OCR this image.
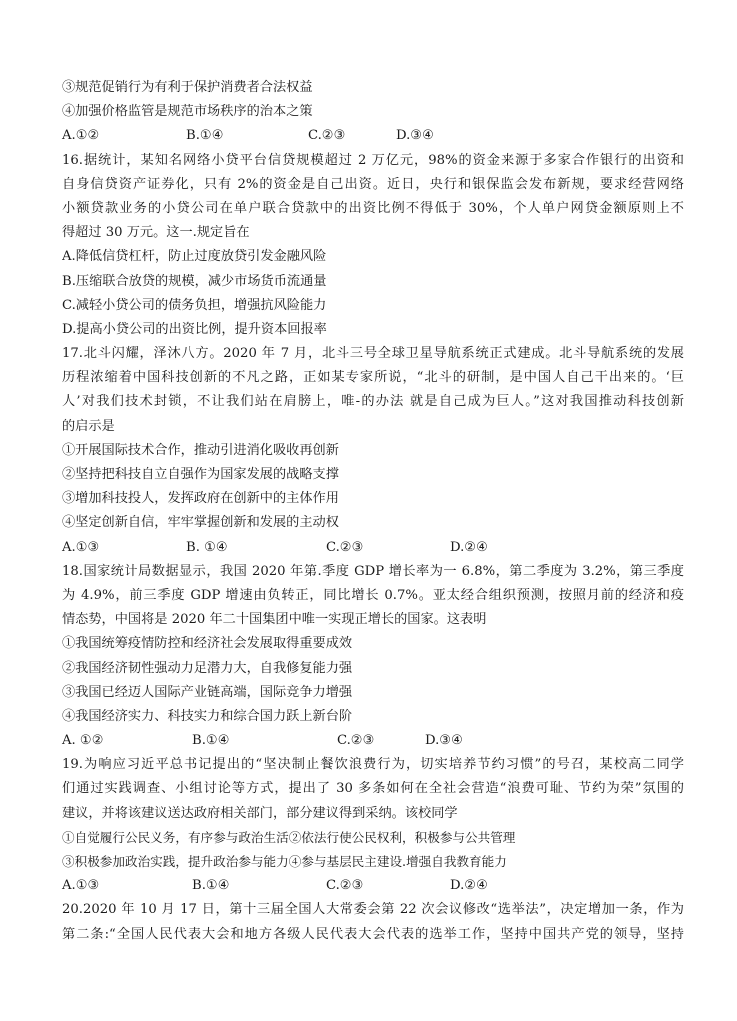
③规范促销行为有利于保护消费者合法权益
④加强价格监管是规范市场秩序的治本之策
A.①②	B.①④	C.②③	D.③④
16.据统计，某知名网络小贷平台信贷规模超过 2 万亿元，98%的资金来源于多家合作银行的出资和
自身信贷资产证券化，只有 2%的资金是自己出资。近日，央行和银保监会发布新规，要求经营网络
小额贷款业务的小贷公司在单户联合贷款中的出资比例不得低于 30%，个人单户网贷金额原则上不
得超过 30 万元。这一.规定旨在
A.降低信贷杠杆，防止过度放贷引发金融风险
B.压缩联合放贷的规模，减少市场货币流通量
C.减轻小贷公司的债务负担，增强抗风险能力
D.提高小贷公司的出资比例，提升资本回报率
17.北斗闪耀，泽沐八方。2020 年 7 月，北斗三号全球卫星导航系统正式建成。北斗导航系统的发展
历程浓缩着中国科技创新的不凡之路，正如某专家所说，“北斗的研制，是中国人自己干出来的。‘巨
人’对我们技术封锁，不让我们站在肩膀上，唯-的办法 就是自己成为巨人。”这对我国推动科技创新
的启示是
①开展国际技术合作，推动引进消化吸收再创新
②坚持把科技自立自强作为国家发展的战略支撑
③增加科技投人，发挥政府在创新中的主体作用
④坚定创新自信，牢牢掌握创新和发展的主动权
A.①③	B. ①④	C.②③	D.②④
18.国家统计局数据显示，我国 2020 年第.季度 GDP 增长率为一 6.8%，第二季度为 3.2%，第三季度
为 4.9%，前三季度 GDP 增速由负转正，同比增长 0.7%。亚太经合组织预测，按照月前的经济和疫
情态势，中国将是 2020 年二十国集团中唯一实现正增长的国家。这表明
①我国统筹疫情防控和经济社会发展取得重要成效
②我国经济韧性强动力足潜力大，自我修复能力强
③我国已经迈人国际产业链高端，国际竞争力增强
④我国经济实力、科技实力和综合国力跃上新台阶
A. ①②	B.①④	C.②③	D.③④
19.为响应习近平总书记提出的“坚决制止餐饮浪费行为，切实培养节约习惯”的号召，某校高二同学
们通过实践调查、小组讨论等方式，提出了 30 多条如何在全社会营造“浪费可耻、节约为荣”氛围的
建议，并将该建议送达政府相关部门，部分建议得到采纳。该校同学
①自觉履行公民义务，有序参与政治生活②依法行使公民权利，积极参与公共管理
③积极参加政治实践，提升政治参与能力④参与基层民主建设.增强自我教育能力
A.①③	B.①④	C.②③	D.②④
20.2020 年 10 月 17 日，第十三届全国人大常委会第 22 次会议修改“选举法”，决定增加一条，作为
第二条:“全国人民代表大会和地方各级人民代表大会代表的选举工作，坚持中国共产党的领导，坚持
